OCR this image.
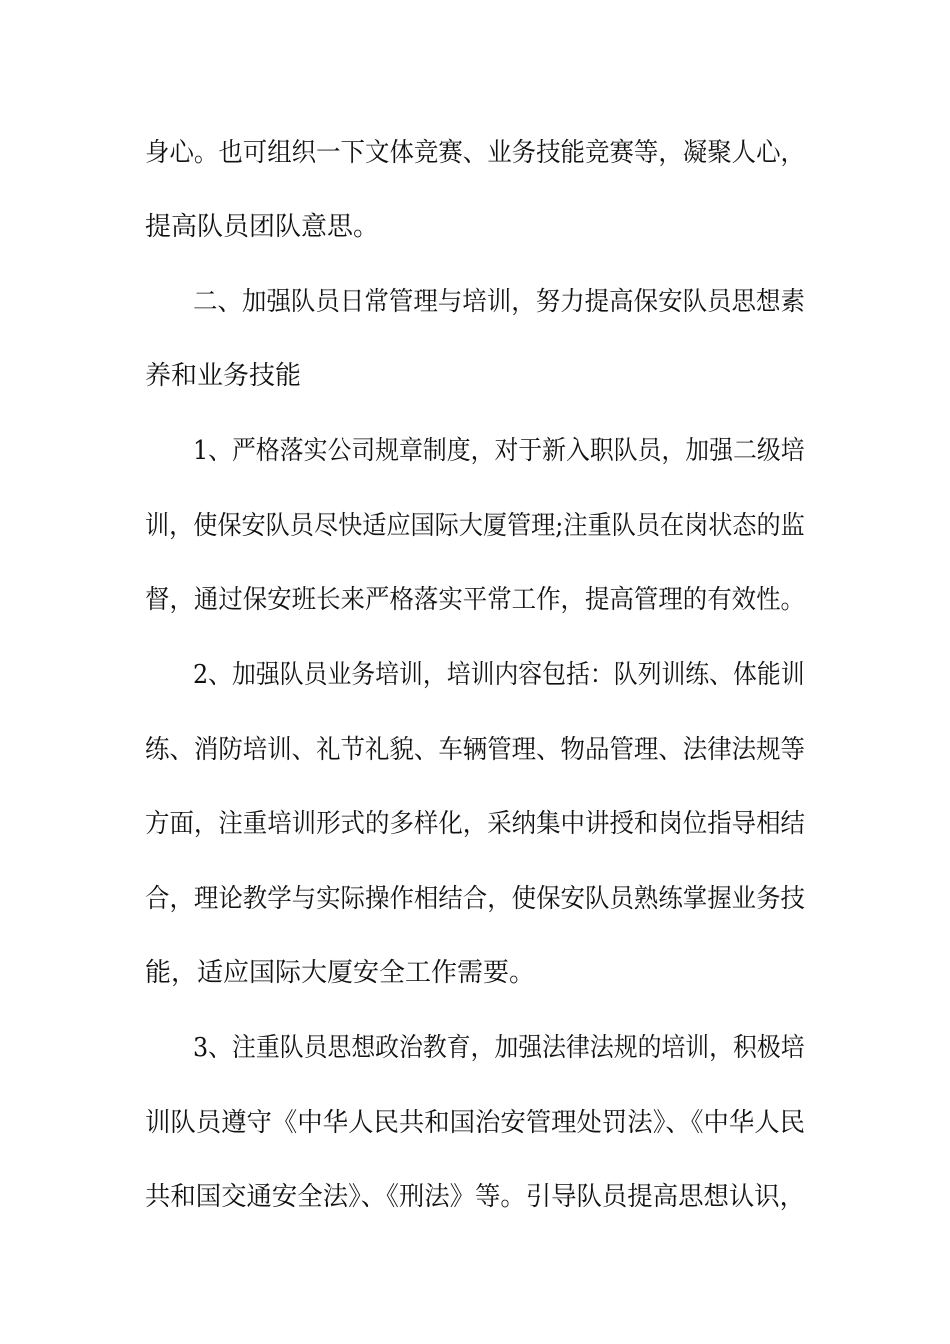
身心。也可组织一下文体竞赛、业务技能竞赛等，凝聚人心，
提高队员团队意思。
二、加强队员日常管理与培训，努力提高保安队员思想素
养和业务技能
1、严格落实公司规章制度，对于新入职队员，加强二级培
训，使保安队员尽快适应国际大厦管理;注重队员在岗状态的监
督，通过保安班长来严格落实平常工作，提高管理的有效性。
2、加强队员业务培训，培训内容包括：队列训练、体能训
练、消防培训、礼节礼貌、车辆管理、物品管理、法律法规等
方面，注重培训形式的多样化，采纳集中讲授和岗位指导相结
合，理论教学与实际操作相结合，使保安队员熟练掌握业务技
能，适应国际大厦安全工作需要。
3、注重队员思想政治教育，加强法律法规的培训，积极培
训队员遵守《中华人民共和国治安管理处罚法》、《中华人民
共和国交通安全法》、《刑法》等。引导队员提高思想认识，
